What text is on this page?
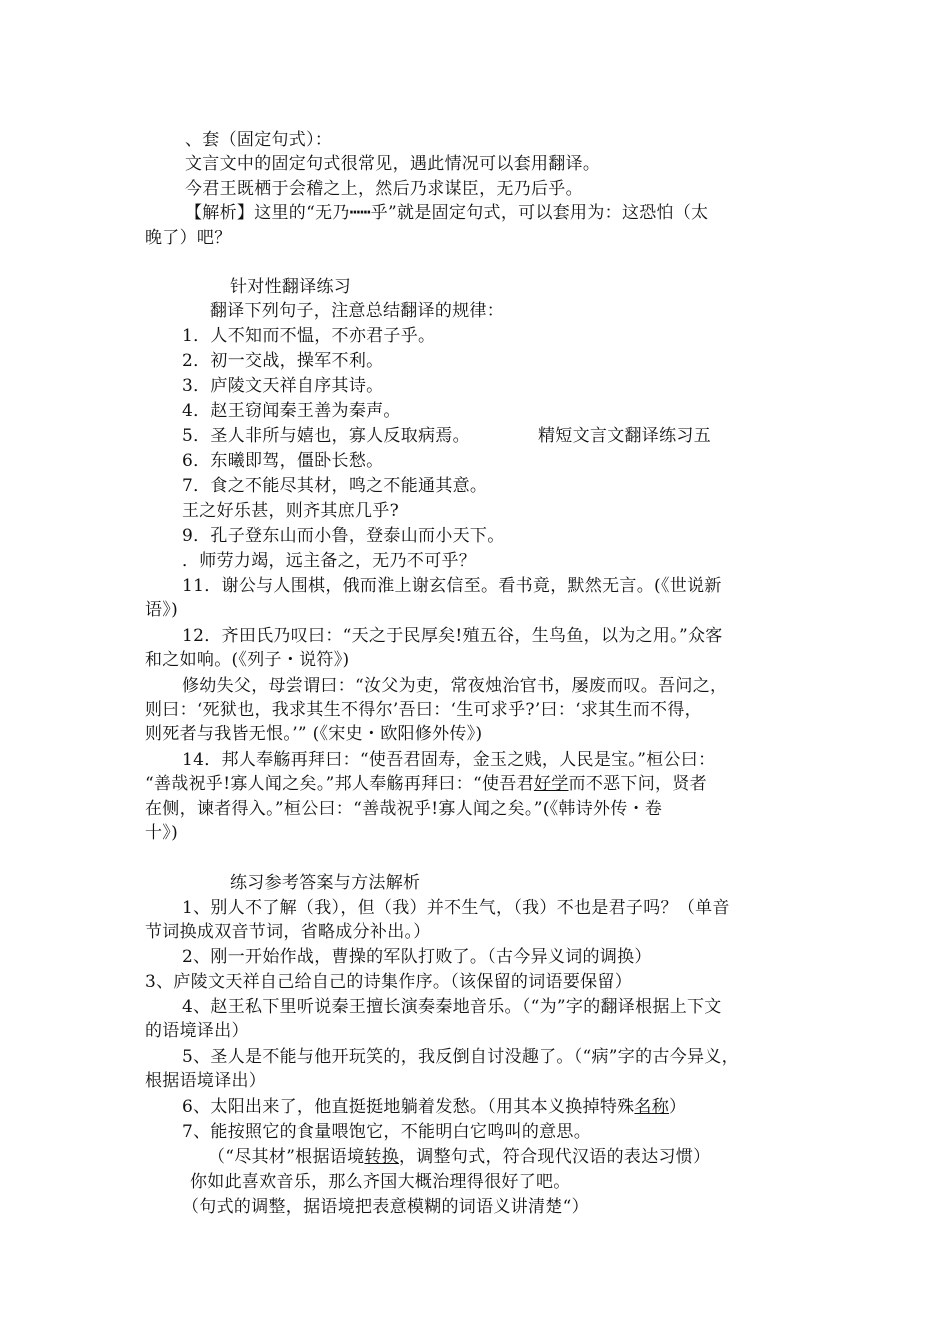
、套（固定句式）：
文言文中的固定句式很常见，遇此情况可以套用翻译。
今君王既栖于会稽之上，然后乃求谋臣，无乃后乎。
【解析】这里的“无乃┅┅乎”就是固定句式，可以套用为：这恐怕（太
晚了）吧？
针对性翻译练习
翻译下列句子，注意总结翻译的规律：
1．人不知而不愠，不亦君子乎。
2．初一交战，操军不利。
3．庐陵文天祥自序其诗。
4．赵王窃闻秦王善为秦声。
5．圣人非所与嬉也，寡人反取病焉。	精短文言文翻译练习五
6．东曦即驾，僵卧长愁。
7．食之不能尽其材，鸣之不能通其意。
王之好乐甚，则齐其庶几乎?
9．孔子登东山而小鲁，登泰山而小天下。
．师劳力竭，远主备之，无乃不可乎？
11．谢公与人围棋，俄而淮上谢玄信至。看书竟，默然无言。(《世说新
语》)
12．齐田氏乃叹曰：“天之于民厚矣!殖五谷，生鸟鱼，以为之用。”众客
和之如响。(《列子・说符》)
修幼失父，母尝谓曰：“汝父为吏，常夜烛治官书，屡废而叹。吾问之，
则曰：‘死狱也，我求其生不得尔’吾曰：‘生可求乎?’曰：‘求其生而不得，
则死者与我皆无恨。’” (《宋史・欧阳修外传》)
14．邦人奉觞再拜曰：“使吾君固寿，金玉之贱，人民是宝。”桓公曰：
“善哉祝乎!寡人闻之矣。”邦人奉觞再拜曰：“使吾君好学而不恶下问，贤者
在侧，谏者得入。”桓公曰：“善哉祝乎!寡人闻之矣。”(《韩诗外传・卷
十》)
练习参考答案与方法解析
1、别人不了解（我），但（我）并不生气，（我）不也是君子吗？（单音
节词换成双音节词，省略成分补出。）
2、刚一开始作战，曹操的军队打败了。（古今异义词的调换）
3、庐陵文天祥自己给自己的诗集作序。（该保留的词语要保留）
4、赵王私下里听说秦王擅长演奏秦地音乐。（“为”字的翻译根据上下文
的语境译出）
5、圣人是不能与他开玩笑的，我反倒自讨没趣了。（“病”字的古今异义，
根据语境译出）
6、太阳出来了，他直挺挺地躺着发愁。（用其本义换掉特殊名称）
7、能按照它的食量喂饱它，不能明白它鸣叫的意思。
（“尽其材”根据语境转换，调整句式，符合现代汉语的表达习惯）
你如此喜欢音乐，那么齐国大概治理得很好了吧。
（句式的调整，据语境把表意模糊的词语义讲清楚“）
